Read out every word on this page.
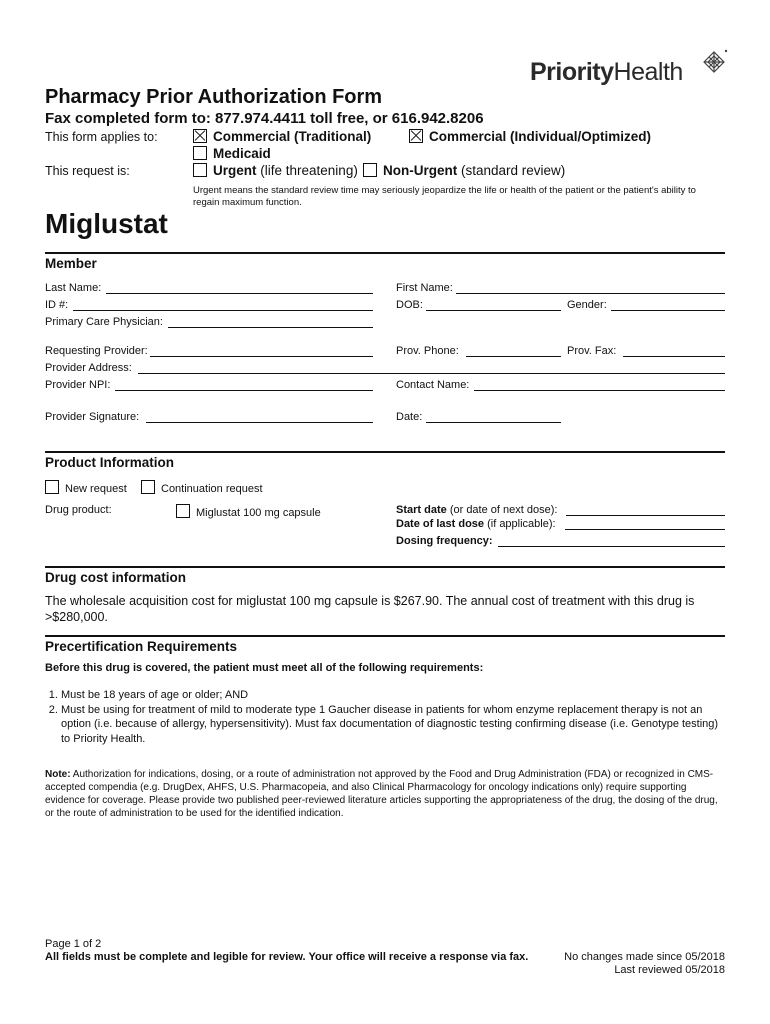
PriorityHealth
Pharmacy Prior Authorization Form
Fax completed form to: 877.974.4411 toll free, or 616.942.8206
This form applies to:	Commercial (Traditional)	Commercial (Individual/Optimized)
Medicaid
This request is:	Urgent (life threatening)	Non-Urgent (standard review)
Urgent means the standard review time may seriously jeopardize the life or health of the patient or the patient's ability to regain maximum function.
Miglustat
Member
Last Name:	First Name:
ID #:	DOB:	Gender:
Primary Care Physician:
Requesting Provider:	Prov. Phone:	Prov. Fax:
Provider Address:
Provider NPI:	Contact Name:
Provider Signature:	Date:
Product Information
New request	Continuation request
Drug product:	Miglustat 100 mg capsule	Start date (or date of next dose):
Date of last dose (if applicable):
Dosing frequency:
Drug cost information
The wholesale acquisition cost for miglustat 100 mg capsule is $267.90. The annual cost of treatment with this drug is >$280,000.
Precertification Requirements
Before this drug is covered, the patient must meet all of the following requirements:
1. Must be 18 years of age or older; AND
2. Must be using for treatment of mild to moderate type 1 Gaucher disease in patients for whom enzyme replacement therapy is not an option (i.e. because of allergy, hypersensitivity). Must fax documentation of diagnostic testing confirming disease (i.e. Genotype testing) to Priority Health.
Note: Authorization for indications, dosing, or a route of administration not approved by the Food and Drug Administration (FDA) or recognized in CMS-accepted compendia (e.g. DrugDex, AHFS, U.S. Pharmacopeia, and also Clinical Pharmacology for oncology indications only) require supporting evidence for coverage. Please provide two published peer-reviewed literature articles supporting the appropriateness of the drug, the dosing of the drug, or the route of administration to be used for the identified indication.
Page 1 of 2
All fields must be complete and legible for review. Your office will receive a response via fax.	No changes made since 05/2018
Last reviewed 05/2018
